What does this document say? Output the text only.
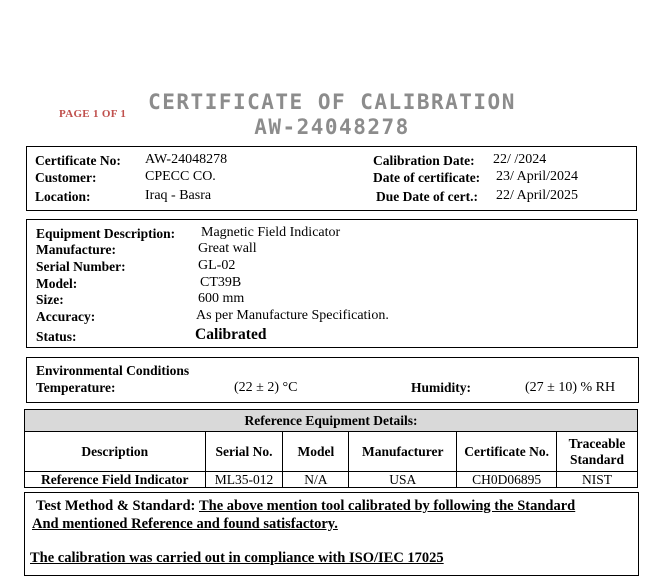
PAGE 1 OF 1	CERTIFICATE OF CALIBRATION
AW-24048278
Certificate No: AW-24048278
Customer:	CPECC CO.
Location:	Iraq - Basra
Calibration Date: 22/ /2024
Date of certificate: 23/ April/2024
Due Date of cert.: 22/ April/2025
Equipment Description: Magnetic Field Indicator
Manufacture:	Great wall
Serial Number:	GL-02
Model:	CT39B
Size:	600 mm
Accuracy:	As per Manufacture Specification.
Status:	Calibrated
Environmental Conditions
Temperature:	(22 ± 2) °C	Humidity:	(27 ± 10) % RH
Reference Equipment Details:					
Description	Serial No.	Model	Manufacturer	Certificate No.	Traceable Standard
Reference Field Indicator	ML35-012	N/A	USA	CH0D06895	NIST
Test Method & Standard: The above mention tool calibrated by following the Standard
And mentioned Reference and found satisfactory.
The calibration was carried out in compliance with ISO/IEC 17025
